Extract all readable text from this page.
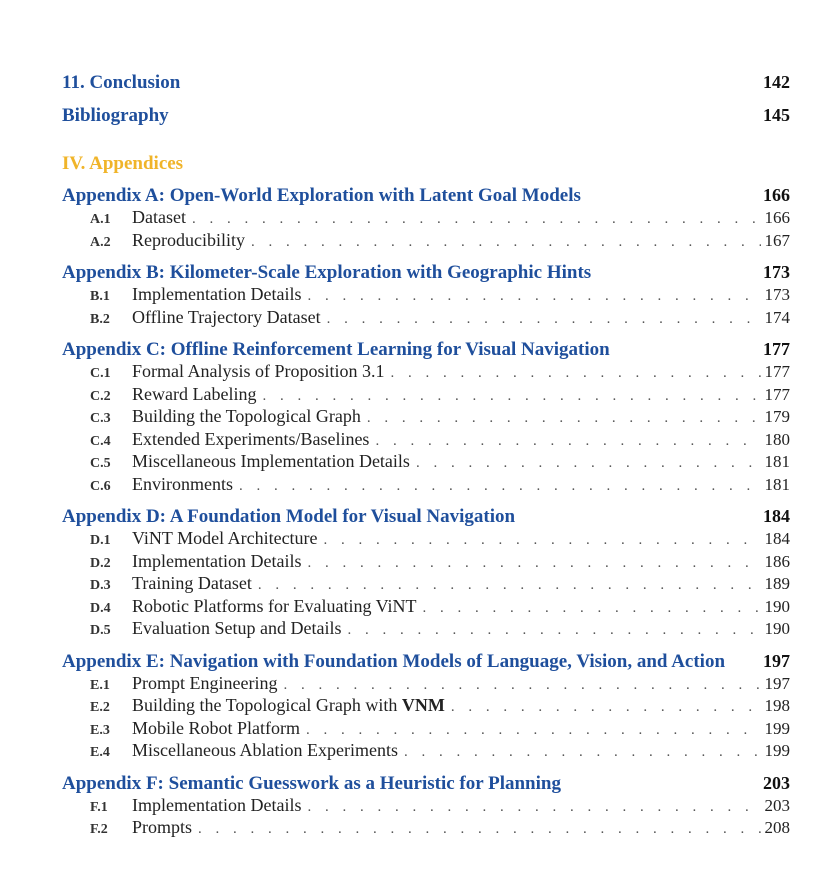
11. Conclusion	142
Bibliography	145
IV. Appendices
Appendix A: Open-World Exploration with Latent Goal Models	166
A.1	Dataset . . .	166
A.2	Reproducibility . . .	167
Appendix B: Kilometer-Scale Exploration with Geographic Hints	173
B.1	Implementation Details . . .	173
B.2	Offline Trajectory Dataset . . .	174
Appendix C: Offline Reinforcement Learning for Visual Navigation	177
C.1	Formal Analysis of Proposition 3.1 . . .	177
C.2	Reward Labeling . . .	177
C.3	Building the Topological Graph . . .	179
C.4	Extended Experiments/Baselines . . .	180
C.5	Miscellaneous Implementation Details . . .	181
C.6	Environments . . .	181
Appendix D: A Foundation Model for Visual Navigation	184
D.1	ViNT Model Architecture . . .	184
D.2	Implementation Details . . .	186
D.3	Training Dataset . . .	189
D.4	Robotic Platforms for Evaluating ViNT . . .	190
D.5	Evaluation Setup and Details . . .	190
Appendix E: Navigation with Foundation Models of Language, Vision, and Action 197
E.1	Prompt Engineering . . .	197
E.2	Building the Topological Graph with VNM . . .	198
E.3	Mobile Robot Platform . . .	199
E.4	Miscellaneous Ablation Experiments . . .	199
Appendix F: Semantic Guesswork as a Heuristic for Planning	203
F.1	Implementation Details . . .	203
F.2	Prompts . . .	208
